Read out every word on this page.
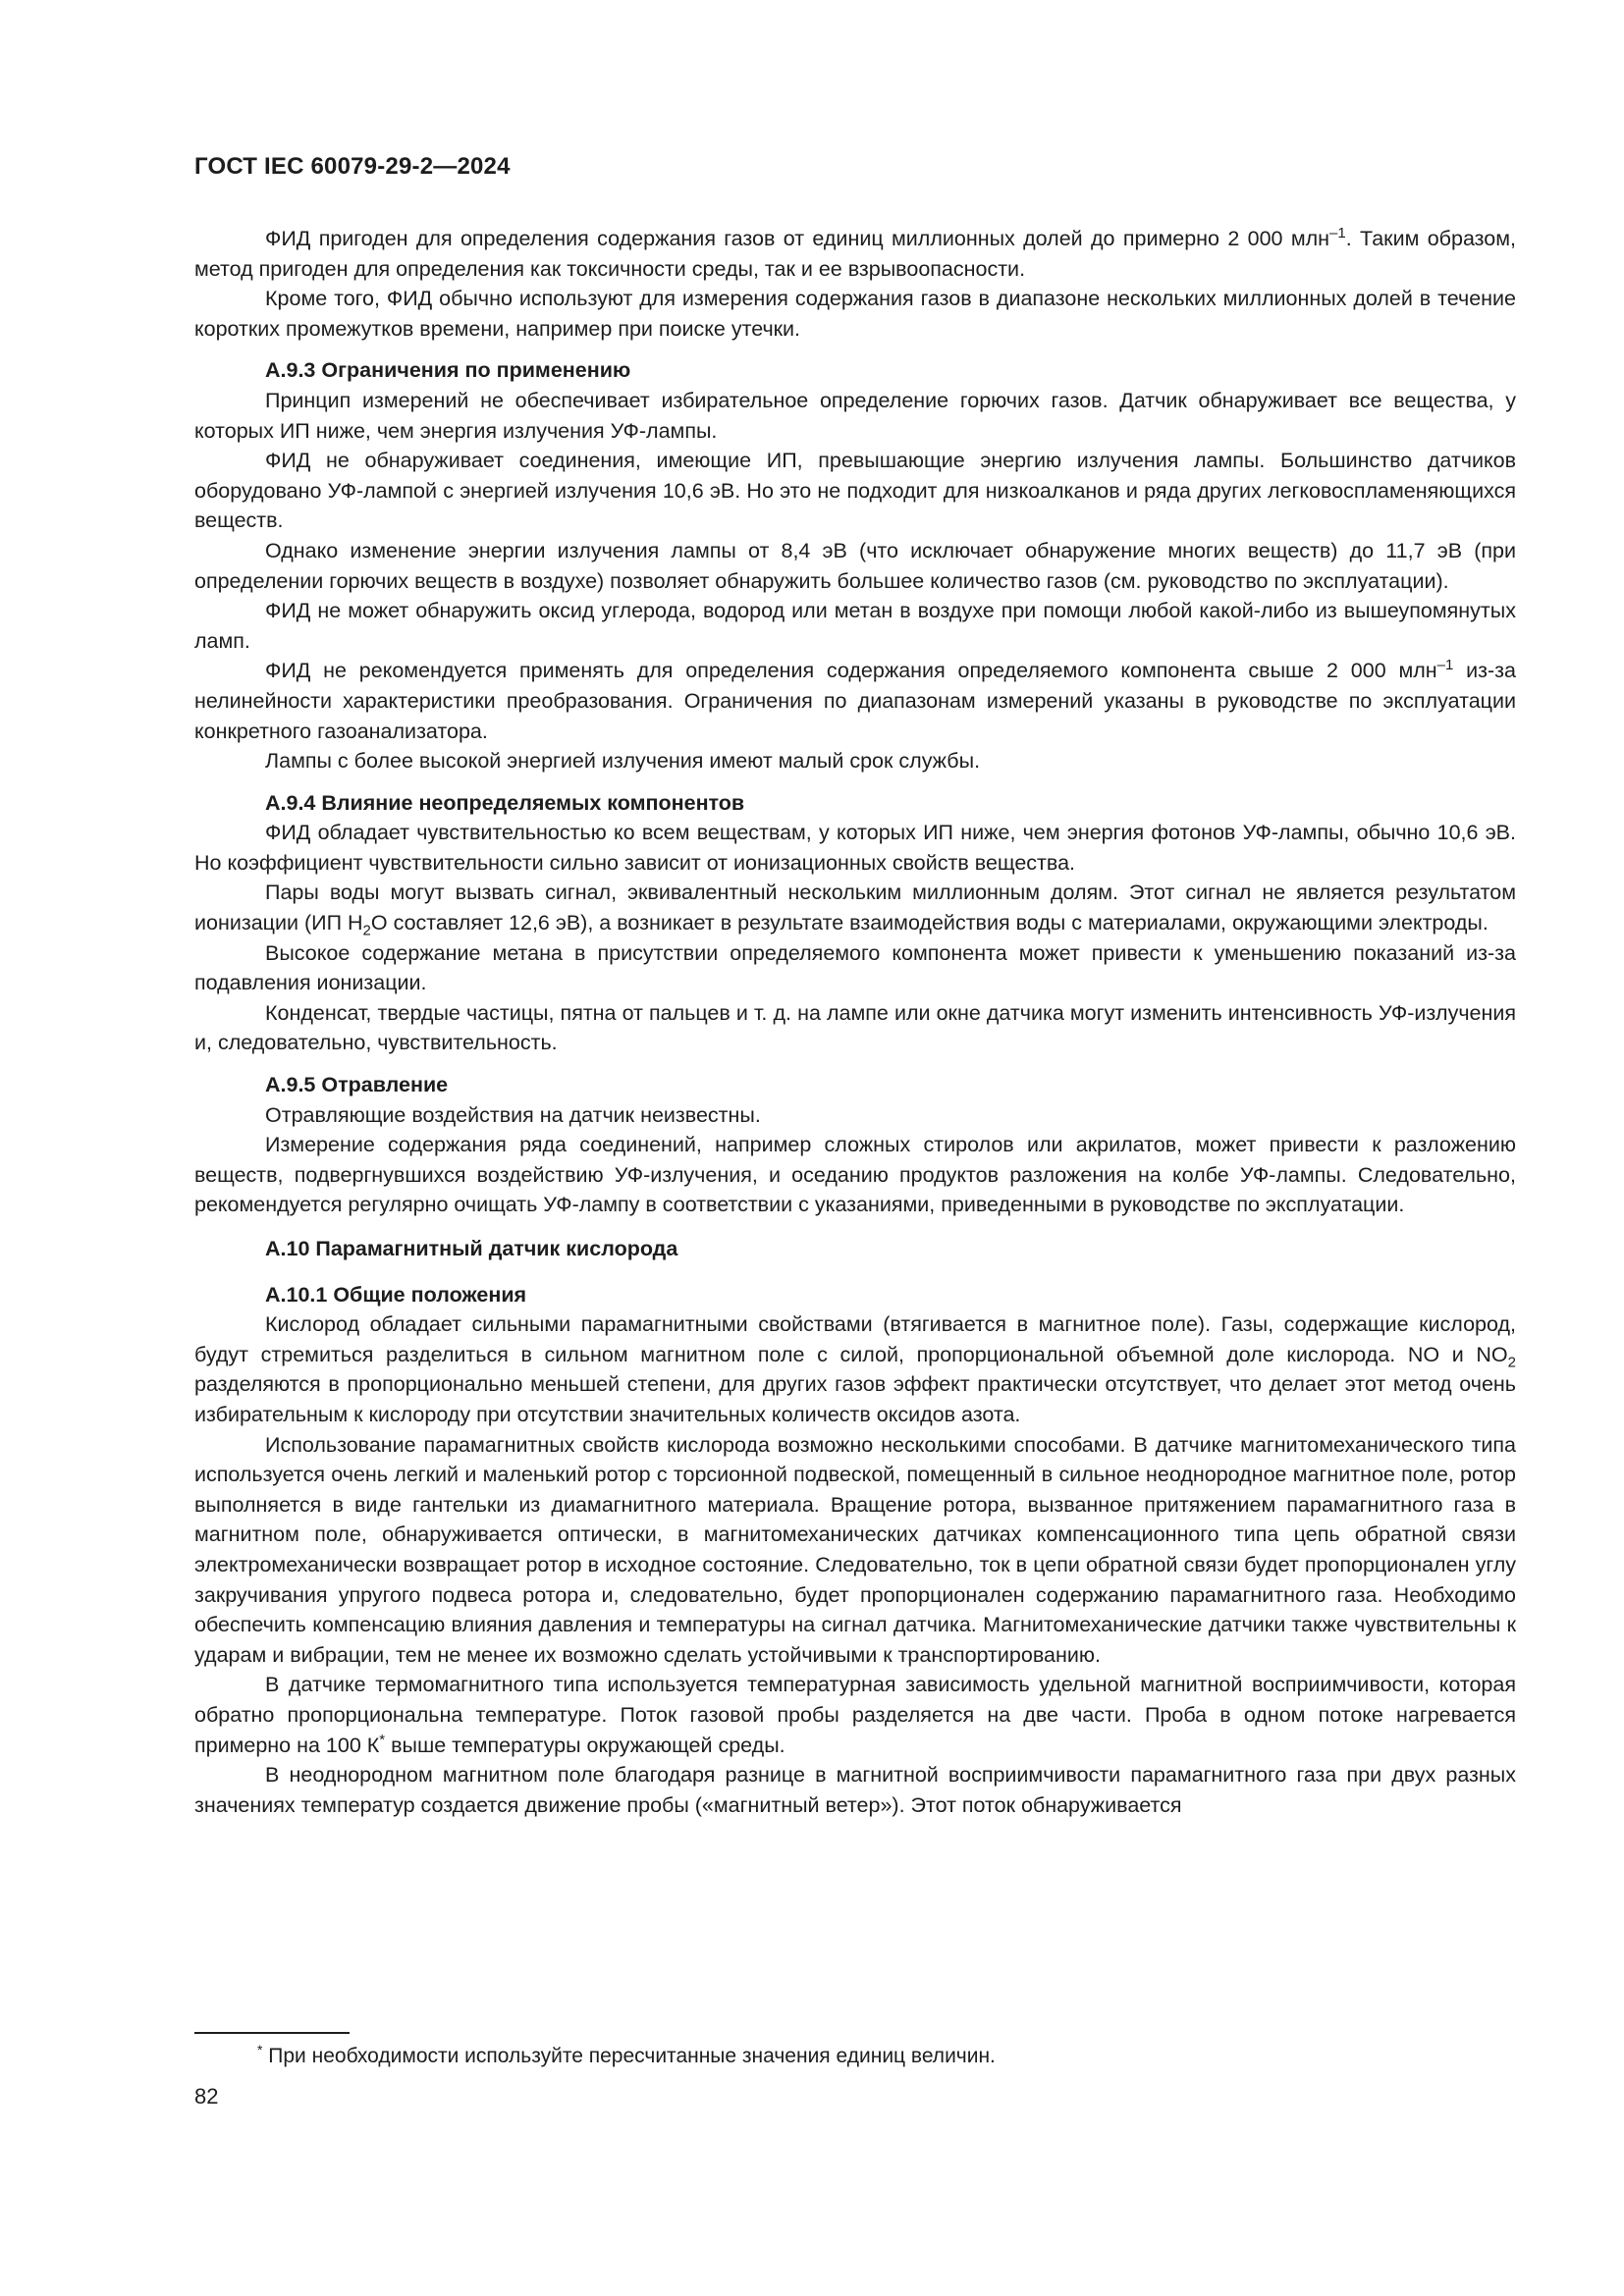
ГОСТ IEC 60079-29-2—2024

ФИД пригоден для определения содержания газов от единиц миллионных долей до примерно 2 000 млн$^{-1}$. Таким образом, метод пригоден для определения как токсичности среды, так и ее взрывоопасности.

Кроме того, ФИД обычно используют для измерения содержания газов в диапазоне нескольких миллионных долей в течение коротких промежутков времени, например при поиске утечки.

А.9.3 Ограничения по применению

Принцип измерений не обеспечивает избирательное определение горючих газов. Датчик обнаруживает все вещества, у которых ИП ниже, чем энергия излучения УФ-лампы.

ФИД не обнаруживает соединения, имеющие ИП, превышающие энергию излучения лампы. Большинство датчиков оборудовано УФ-лампой с энергией излучения 10,6 эВ. Но это не подходит для низкоалканов и ряда других легковоспламеняющихся веществ.

Однако изменение энергии излучения лампы от 8,4 эВ (что исключает обнаружение многих веществ) до 11,7 эВ (при определении горючих веществ в воздухе) позволяет обнаружить большее количество газов (см. руководство по эксплуатации).

ФИД не может обнаружить оксид углерода, водород или метан в воздухе при помощи любой какой-либо из вышеупомянутых ламп.

ФИД не рекомендуется применять для определения содержания определяемого компонента свыше 2 000 млн$^{-1}$ из-за нелинейности характеристики преобразования. Ограничения по диапазонам измерений указаны в руководстве по эксплуатации конкретного газоанализатора.

Лампы с более высокой энергией излучения имеют малый срок службы.

А.9.4 Влияние неопределяемых компонентов

ФИД обладает чувствительностью ко всем веществам, у которых ИП ниже, чем энергия фотонов УФ-лампы, обычно 10,6 эВ. Но коэффициент чувствительности сильно зависит от ионизационных свойств вещества.

Пары воды могут вызвать сигнал, эквивалентный нескольким миллионным долям. Этот сигнал не является результатом ионизации (ИП $H_2O$ составляет 12,6 эВ), а возникает в результате взаимодействия воды с материалами, окружающими электроды.

Высокое содержание метана в присутствии определяемого компонента может привести к уменьшению показаний из-за подавления ионизации.

Конденсат, твердые частицы, пятна от пальцев и т. д. на лампе или окне датчика могут изменить интенсивность УФ-излучения и, следовательно, чувствительность.

А.9.5 Отравление

Отравляющие воздействия на датчик неизвестны.

Измерение содержания ряда соединений, например сложных стиролов или акрилатов, может привести к разложению веществ, подвергнувшихся воздействию УФ-излучения, и оседанию продуктов разложения на колбе УФ-лампы. Следовательно, рекомендуется регулярно очищать УФ-лампу в соответствии с указаниями, приведенными в руководстве по эксплуатации.

А.10 Парамагнитный датчик кислорода
А.10.1 Общие положения

Кислород обладает сильными парамагнитными свойствами (втягивается в магнитное поле). Газы, содержащие кислород, будут стремиться разделиться в сильном магнитном поле с силой, пропорциональной объемной доле кислорода. NO и $NO_2$ разделяются в пропорционально меньшей степени, для других газов эффект практически отсутствует, что делает этот метод очень избирательным к кислороду при отсутствии значительных количеств оксидов азота.

Использование парамагнитных свойств кислорода возможно несколькими способами. В датчике магнитомеханического типа используется очень легкий и маленький ротор с торсионной подвеской, помещенный в сильное неоднородное магнитное поле, ротор выполняется в виде гантельки из диамагнитного материала. Вращение ротора, вызванное притяжением парамагнитного газа в магнитном поле, обнаруживается оптически, в магнитомеханических датчиках компенсационного типа цепь обратной связи электромеханически возвращает ротор в исходное состояние. Следовательно, ток в цепи обратной связи будет пропорционален углу закручивания упругого подвеса ротора и, следовательно, будет пропорционален содержанию парамагнитного газа. Необходимо обеспечить компенсацию влияния давления и температуры на сигнал датчика. Магнитомеханические датчики также чувствительны к ударам и вибрации, тем не менее их возможно сделать устойчивыми к транспортированию.

В датчике термомагнитного типа используется температурная зависимость удельной магнитной восприимчивости, которая обратно пропорциональна температуре. Поток газовой пробы разделяется на две части. Проба в одном потоке нагревается примерно на 100 К* выше температуры окружающей среды.

В неоднородном магнитном поле благодаря разнице в магнитной восприимчивости парамагнитного газа при двух разных значениях температур создается движение пробы («магнитный ветер»). Этот поток обнаруживается

* При необходимости используйте пересчитанные значения единиц величин.
82
